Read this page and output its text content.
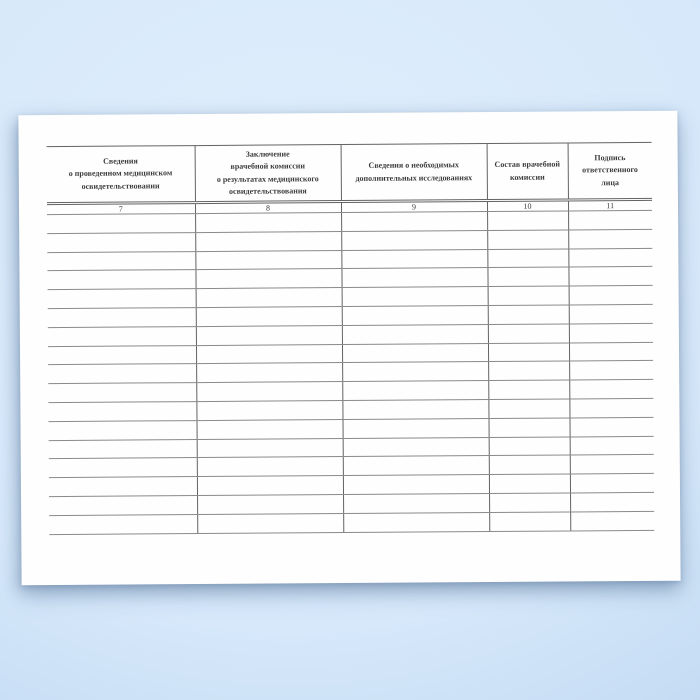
Сведения
о проведенном медицинском
освидетельствовании	Заключение
врачебной комиссии
о результатах медицинского
освидетельствования	Сведения о необходимых
дополнительных исследованиях	Состав врачебной
комиссии	Подпись
ответственного
лица
7	8	9	10	11
